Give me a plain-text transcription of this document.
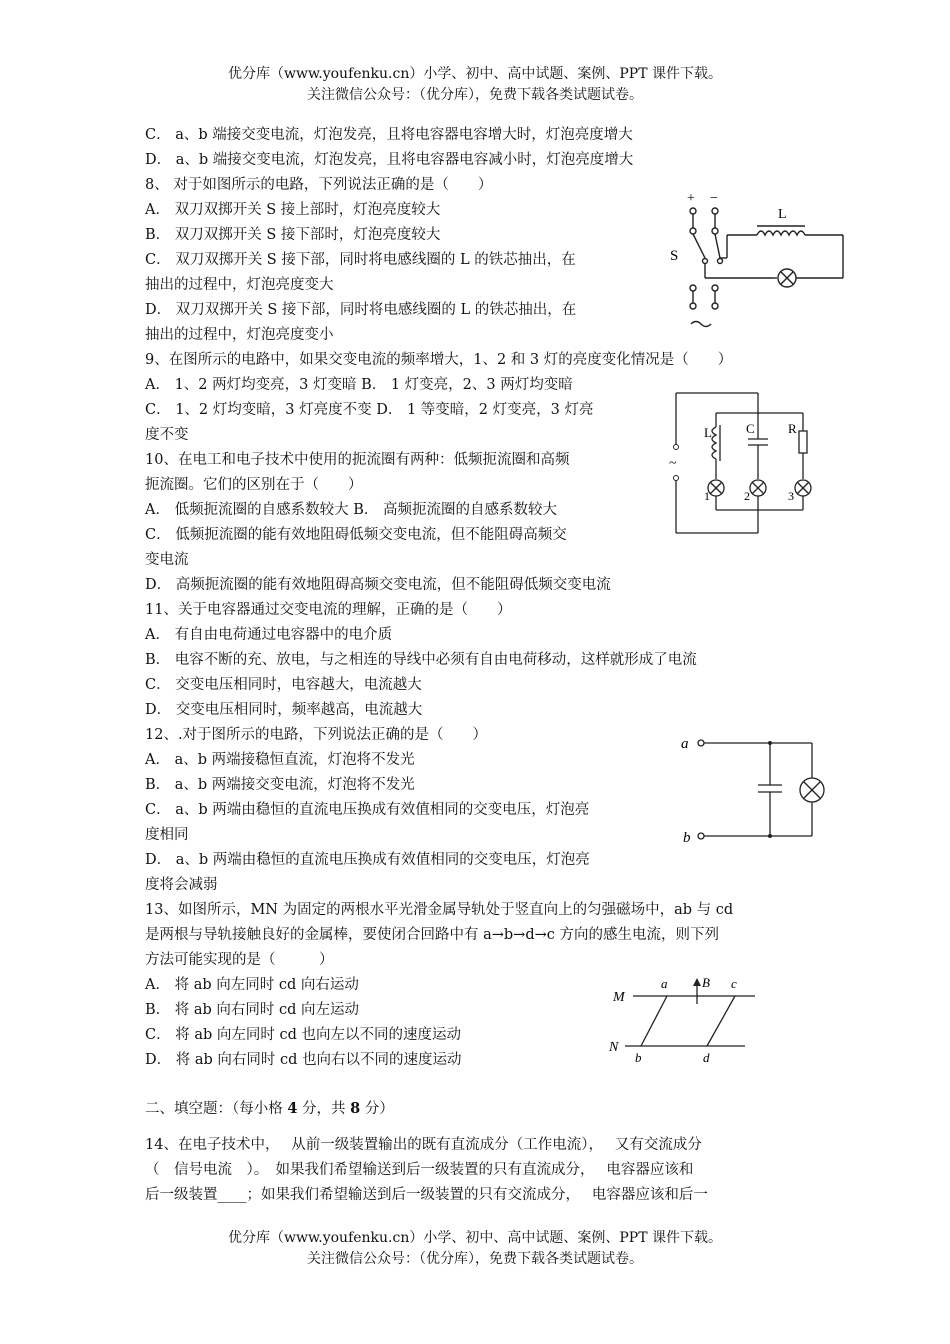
优分库（www.youfenku.cn）小学、初中、高中试题、案例、PPT 课件下载。
关注微信公众号：（优分库），免费下载各类试题试卷。
C． a、b 端接交变电流，灯泡发亮，且将电容器电容增大时，灯泡亮度增大
D． a、b 端接交变电流，灯泡发亮，且将电容器电容减小时，灯泡亮度增大
8、 对于如图所示的电路，下列说法正确的是（　　）
A． 双刀双掷开关 S 接上部时，灯泡亮度较大
B． 双刀双掷开关 S 接下部时，灯泡亮度较大
C． 双刀双掷开关 S 接下部，同时将电感线圈的 L 的铁芯抽出，在
抽出的过程中，灯泡亮度变大
D． 双刀双掷开关 S 接下部，同时将电感线圈的 L 的铁芯抽出，在
抽出的过程中，灯泡亮度变小
9、在图所示的电路中，如果交变电流的频率增大，1、2 和 3 灯的亮度变化情况是（　　）
A． 1、2 两灯均变亮，3 灯变暗 B． 1 灯变亮，2、3 两灯均变暗
C． 1、2 灯均变暗，3 灯亮度不变 D． 1 等变暗，2 灯变亮，3 灯亮
度不变
10、在电工和电子技术中使用的扼流圈有两种：低频扼流圈和高频
扼流圈。它们的区别在于（　　）
A． 低频扼流圈的自感系数较大 B． 高频扼流圈的自感系数较大
C． 低频扼流圈的能有效地阻碍低频交变电流，但不能阻碍高频交
变电流
D． 高频扼流圈的能有效地阻碍高频交变电流，但不能阻碍低频交变电流
11、关于电容器通过交变电流的理解，正确的是（　　）
A． 有自由电荷通过电容器中的电介质
B． 电容不断的充、放电，与之相连的导线中必须有自由电荷移动，这样就形成了电流
C． 交变电压相同时，电容越大，电流越大
D． 交变电压相同时，频率越高，电流越大
12、.对于图所示的电路，下列说法正确的是（　　）
A． a、b 两端接稳恒直流，灯泡将不发光
B． a、b 两端接交变电流，灯泡将不发光
C． a、b 两端由稳恒的直流电压换成有效值相同的交变电压，灯泡亮
度相同
D． a、b 两端由稳恒的直流电压换成有效值相同的交变电压，灯泡亮
度将会减弱
13、如图所示，MN 为固定的两根水平光滑金属导轨处于竖直向上的匀强磁场中，ab 与 cd
是两根与导轨接触良好的金属棒，要使闭合回路中有 a→b→d→c 方向的感生电流，则下列
方法可能实现的是（　　　）
A． 将 ab 向左同时 cd 向右运动
B． 将 ab 向右同时 cd 向左运动
C． 将 ab 向左同时 cd 也向左以不同的速度运动
D． 将 ab 向右同时 cd 也向右以不同的速度运动
二、填空题：（每小格 4 分，共 8 分）
14、在电子技术中，　 从前一级装置输出的既有直流成分（工作电流），　 又有交流成分
（　信号电流　）。　如果我们希望输送到后一级装置的只有直流成分，　 电容器应该和
后一级装置____；如果我们希望输送到后一级装置的只有交流成分，　 电容器应该和后一
优分库（www.youfenku.cn）小学、初中、高中试题、案例、PPT 课件下载。
关注微信公众号：（优分库），免费下载各类试题试卷。
+ −
S
L
~
L	C	R
1	2	3
a
b
M
N
a
b
c
d
B
